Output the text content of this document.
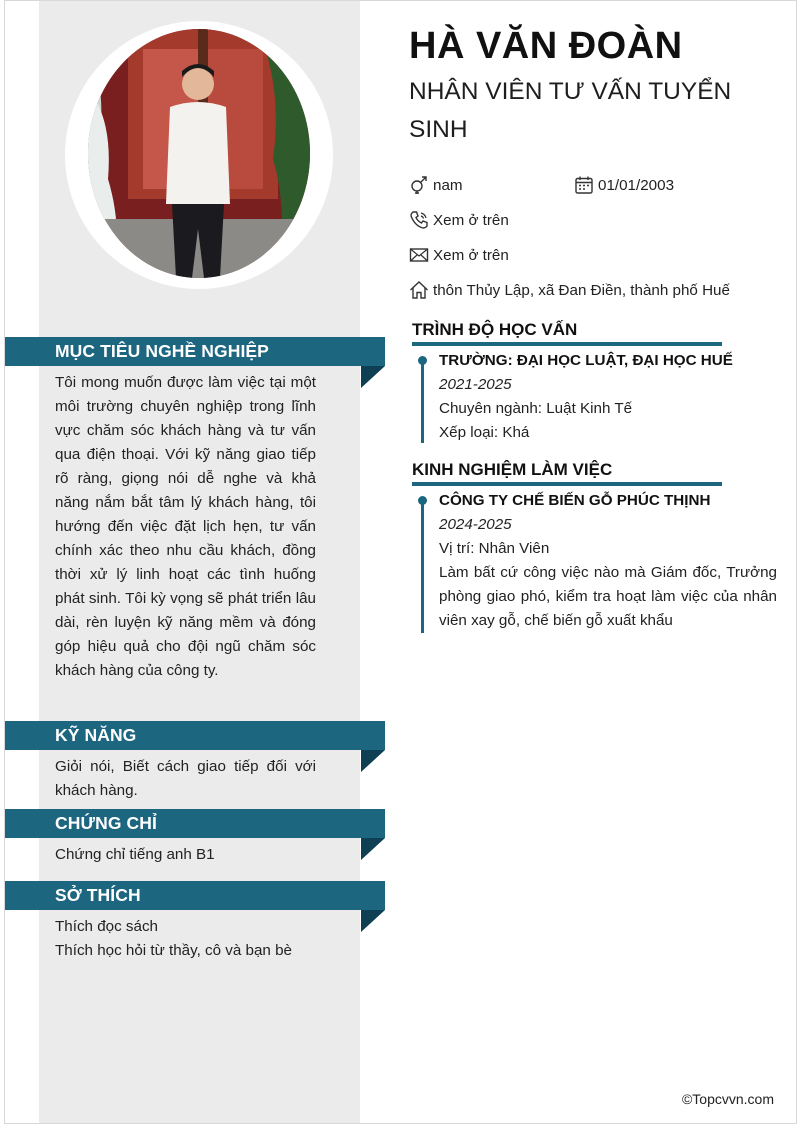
MỤC TIÊU NGHỀ NGHIỆP
Tôi mong muốn được làm việc tại một môi trường chuyên nghiệp trong lĩnh vực chăm sóc khách hàng và tư vấn qua điện thoại. Với kỹ năng giao tiếp rõ ràng, giọng nói dễ nghe và khả năng nắm bắt tâm lý khách hàng, tôi hướng đến việc đặt lịch hẹn, tư vấn chính xác theo nhu cầu khách, đồng thời xử lý linh hoạt các tình huống phát sinh. Tôi kỳ vọng sẽ phát triển lâu dài, rèn luyện kỹ năng mềm và đóng góp hiệu quả cho đội ngũ chăm sóc khách hàng của công ty.
KỸ NĂNG
Giỏi nói, Biết cách giao tiếp đối với khách hàng.
CHỨNG CHỈ
Chứng chỉ tiếng anh B1
SỞ THÍCH
Thích đọc sách
Thích học hỏi từ thầy, cô và bạn bè
HÀ VĂN ĐOÀN
NHÂN VIÊN TƯ VẤN TUYỂN SINH
nam	01/01/2003
Xem ở trên
Xem ở trên
thôn Thủy Lập, xã Đan Điền, thành phố Huế
TRÌNH ĐỘ HỌC VẤN
TRƯỜNG: ĐẠI HỌC LUẬT, ĐẠI HỌC HUẾ
2021-2025
Chuyên ngành: Luật Kinh Tế
Xếp loại: Khá
KINH NGHIỆM LÀM VIỆC
CÔNG TY CHẾ BIẾN GỖ PHÚC THỊNH
2024-2025
Vị trí: Nhân Viên
Làm bất cứ công việc nào mà Giám đốc, Trưởng phòng giao phó, kiểm tra hoạt làm việc của nhân viên xay gỗ, chế biến gỗ xuất khẩu
©Topcvvn.com
